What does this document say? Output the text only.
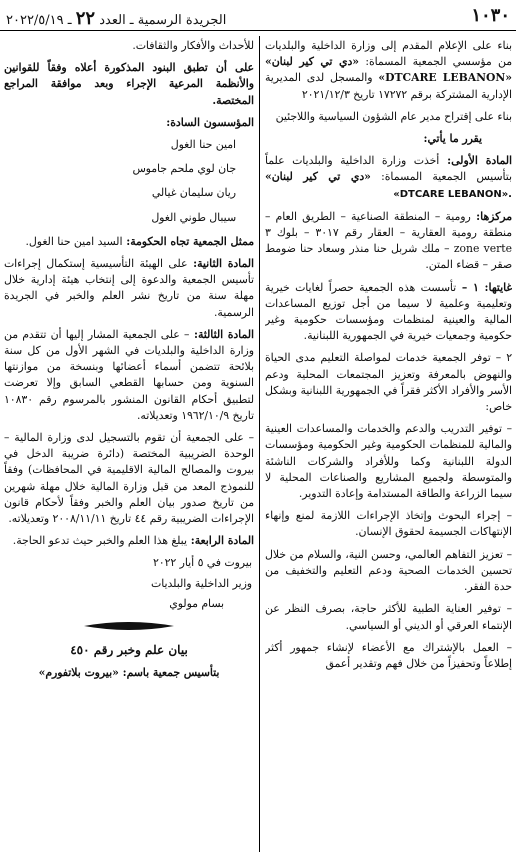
١٠٣٠
الجريدة الرسمية ـ العدد ٢٢ ـ ٢٠٢٢/٥/١٩

بناء على الإعلام المقدم إلى وزارة الداخلية والبلديات من مؤسسي الجمعية المسماة: «دي تي كير لبنان» «DTCARE LEBANON» والمسجل لدى المديرية الإدارية المشتركة برقم ١٧٢٧٢ تاريخ ٢٠٢١/١٢/٣

بناء على إقتراح مدير عام الشؤون السياسية واللاجئين

يقرر ما يأتي:

المادة الأولى: أخذت وزارة الداخلية والبلديات علماً بتأسيس الجمعية المسماة: «دي تي كير لبنان» «DTCARE LEBANON».

مركزها: رومية – المنطقة الصناعية – الطريق العام – منطقة رومية العقارية – العقار رقم ٣٠١٧ – بلوك ٣ zone verte – ملك شربل حنا منذر وسعاد حنا ضومط صقر – قضاء المتن.

غايتها: ١ – تأسست هذه الجمعية حصراً لغايات خيرية وتعليمية وعلمية لا سيما من أجل توزيع المساعدات المالية والعينية لمنظمات ومؤسسات حكومية وغير حكومية وجمعيات خيرية في الجمهورية اللبنانية.

٢ – توفر الجمعية خدمات لمواصلة التعليم مدى الحياة والنهوض بالمعرفة وتعزيز المجتمعات المحلية ودعم الأسر والأفراد الأكثر فقراً في الجمهورية اللبنانية وبشكل خاص:

– توفير التدريب والدعم والخدمات والمساعدات العينية والمالية للمنظمات الحكومية وغير الحكومية ومؤسسات الدولة اللبنانية وكما وللأفراد والشركات الناشئة والمتوسطة ولجميع المشاريع والصناعات المحلية لا سيما الزراعة والطاقة المستدامة وإعادة التدوير.

– إجراء البحوث وإتخاذ الإجراءات اللازمة لمنع وإنهاء الإنتهاكات الجسيمة لحقوق الإنسان.

– تعزيز التفاهم العالمي، وحسن النية، والسلام من خلال تحسين الخدمات الصحية ودعم التعليم والتخفيف من حدة الفقر.

– توفير العناية الطبية للأكثر حاجة، بصرف النظر عن الإنتماء العرقي أو الديني أو السياسي.

– العمل بالإشتراك مع الأعضاء لإنشاء جمهور أكثر إطلاعاً وتحفيزاً من خلال فهم وتقدير أعمق

للأحداث والأفكار والثقافات.

على أن تطبق البنود المذكورة أعلاه وفقاً للقوانين والأنظمة المرعية الإجراء وبعد موافقة المراجع المختصة.

المؤسسون السادة:

امين حنا الغول
جان لوي ملحم جاموس
ريان سليمان غيالي
سيبال طوني الغول

ممثل الجمعية تجاه الحكومة: السيد امين حنا الغول.

المادة الثانية: على الهيئة التأسيسية إستكمال إجراءات تأسيس الجمعية والدعوة إلى إنتخاب هيئة إدارية خلال مهلة سنة من تاريخ نشر العلم والخبر في الجريدة الرسمية.

المادة الثالثة: – على الجمعية المشار إليها أن تتقدم من وزارة الداخلية والبلديات في الشهر الأول من كل سنة بلائحة تتضمن أسماء أعضائها وبنسخة من موازنتها السنوية ومن حسابها القطعي السابق وإلا تعرضت لتطبيق أحكام القانون المنشور بالمرسوم رقم ١٠٨٣٠ تاريخ ١٩٦٢/١٠/٩ وتعديلاته.

– على الجمعية أن تقوم بالتسجيل لدى وزارة المالية – الوحدة الضريبية المختصة (دائرة ضريبة الدخل في بيروت والمصالح المالية الاقليمية في المحافظات) وفقاً للنموذج المعد من قبل وزارة المالية خلال مهلة شهرين من تاريخ صدور بيان العلم والخبر وفقاً لأحكام قانون الإجراءات الضريبية رقم ٤٤ تاريخ ٢٠٠٨/١١/١١ وتعديلاته.

المادة الرابعة: يبلغ هذا العلم والخبر حيث تدعو الحاجة.

بيروت في ٥ أيار ٢٠٢٢

وزير الداخلية والبلديات

بسام مولوي

بيان علم وخبر رقم ٤٥٠

بتأسيس جمعية باسم: «بيروت بلاتفورم»
